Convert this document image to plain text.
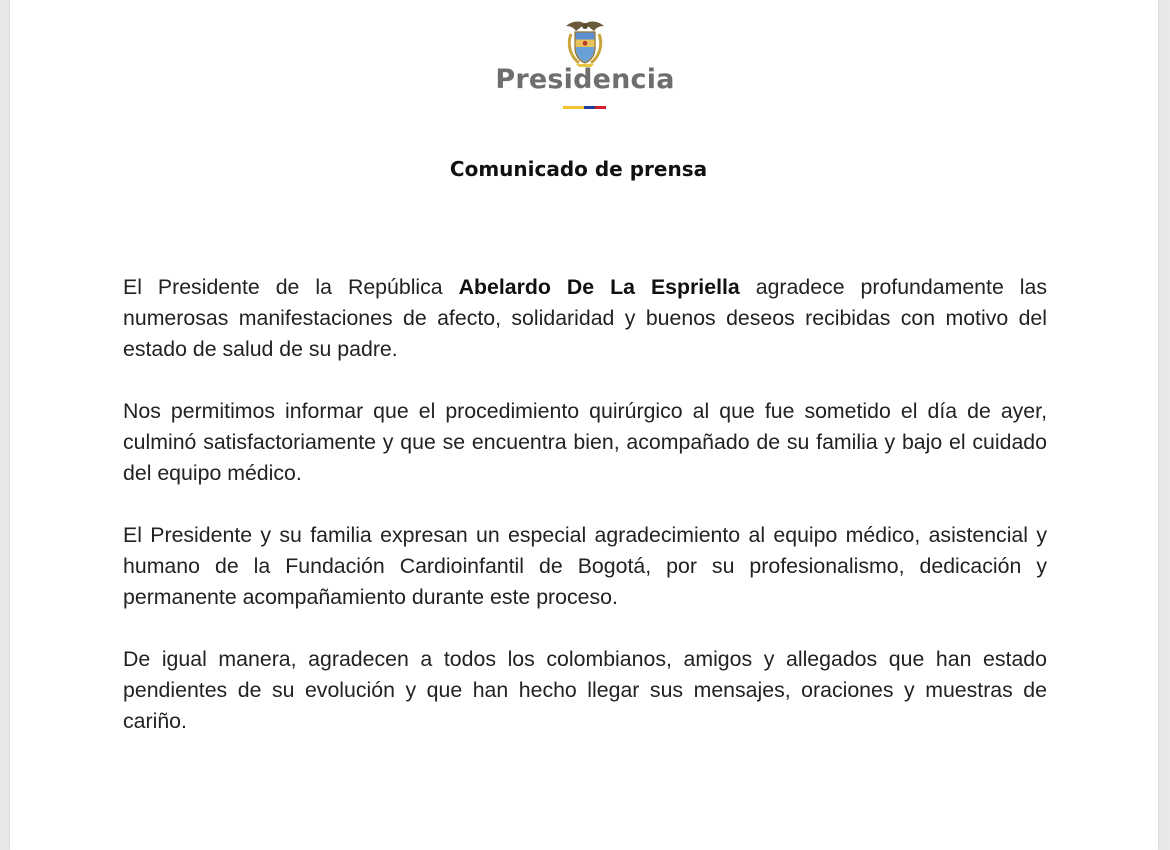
Presidencia
Comunicado de prensa

El Presidente de la República Abelardo De La Espriella agradece profundamente las numerosas manifestaciones de afecto, solidaridad y buenos deseos recibidas con motivo del estado de salud de su padre.

Nos permitimos informar que el procedimiento quirúrgico al que fue sometido el día de ayer, culminó satisfactoriamente y que se encuentra bien, acompañado de su familia y bajo el cuidado del equipo médico.

El Presidente y su familia expresan un especial agradecimiento al equipo médico, asistencial y humano de la Fundación Cardioinfantil de Bogotá, por su profesionalismo, dedicación y permanente acompañamiento durante este proceso.

De igual manera, agradecen a todos los colombianos, amigos y allegados que han estado pendientes de su evolución y que han hecho llegar sus mensajes, oraciones y muestras de cariño.
